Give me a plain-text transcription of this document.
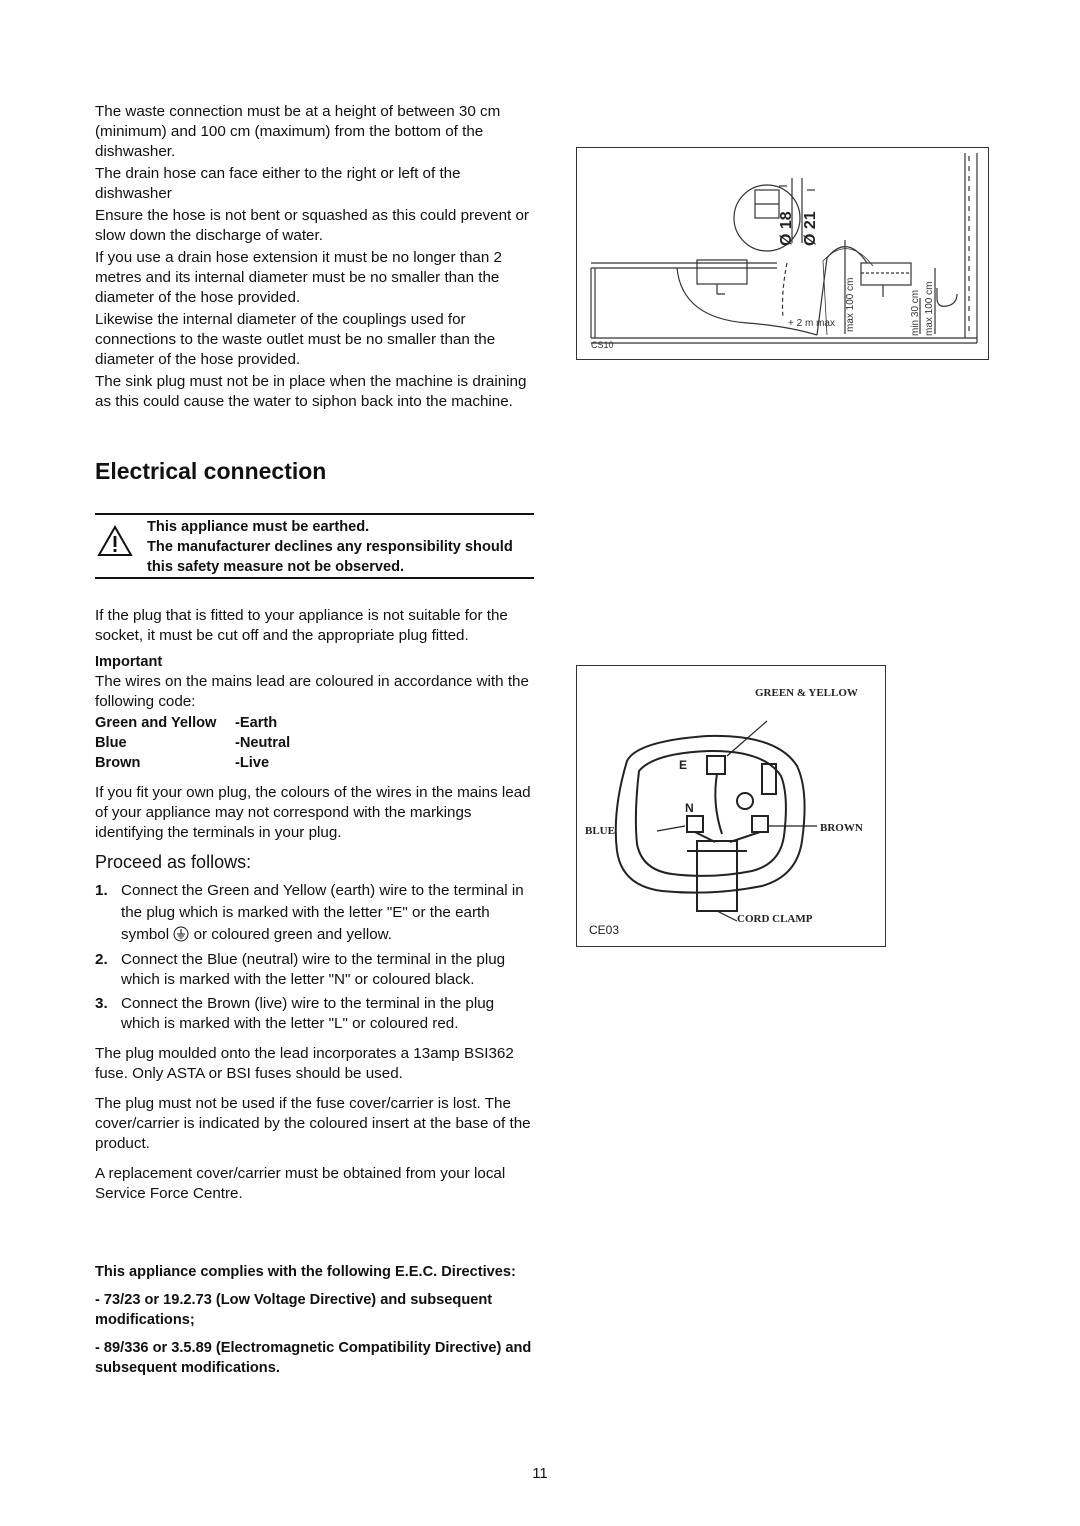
The waste connection must be at a height of between 30 cm (minimum) and 100 cm (maximum) from the bottom of the dishwasher.

The drain hose can face either to the right or left of the dishwasher

Ensure the hose is not bent or squashed as this could prevent or slow down the discharge of water.

If you use a drain hose extension it must be no longer than 2 metres and its internal diameter must be no smaller than the diameter of the hose provided.

Likewise the internal diameter of the couplings used for connections to the waste outlet must be no smaller than the diameter of the hose provided.

The sink plug must not be in place when the machine is draining as this could cause the water to siphon back into the machine.

CS10
+ 2 m max
Ø 18 Ø 21
max 100 cm	min 30 cm max 100 cm
Electrical connection
This appliance must be earthed.
The manufacturer declines any responsibility should this safety measure not be observed.

If the plug that is fitted to your appliance is not suitable for the socket, it must be cut off and the appropriate plug fitted.

Important

The wires on the mains lead are coloured in accordance with the following code:

Green and Yellow -Earth
Blue	-Neutral
Brown	-Live

If you fit your own plug, the colours of the wires in the mains lead of your appliance may not correspond with the markings identifying the terminals in your plug.

Proceed as follows:
1. Connect the Green and Yellow (earth) wire to the terminal in the plug which is marked with the letter "E" or the earth symbol or coloured green and yellow.
2. Connect the Blue (neutral) wire to the terminal in the plug which is marked with the letter "N" or coloured black.
3. Connect the Brown (live) wire to the terminal in the plug which is marked with the letter "L" or coloured red.

The plug moulded onto the lead incorporates a 13amp BSI362 fuse. Only ASTA or BSI fuses should be used.

The plug must not be used if the fuse cover/carrier is lost. The cover/carrier is indicated by the coloured insert at the base of the product.

A replacement cover/carrier must be obtained from your local Service Force Centre.

This appliance complies with the following E.E.C. Directives:

- 73/23 or 19.2.73 (Low Voltage Directive) and subsequent modifications;

- 89/336 or 3.5.89 (Electromagnetic Compatibility Directive) and subsequent modifications.

GREEN & YELLOW
BLUE	BROWN
CORD CLAMP
E
N
CE03
11
